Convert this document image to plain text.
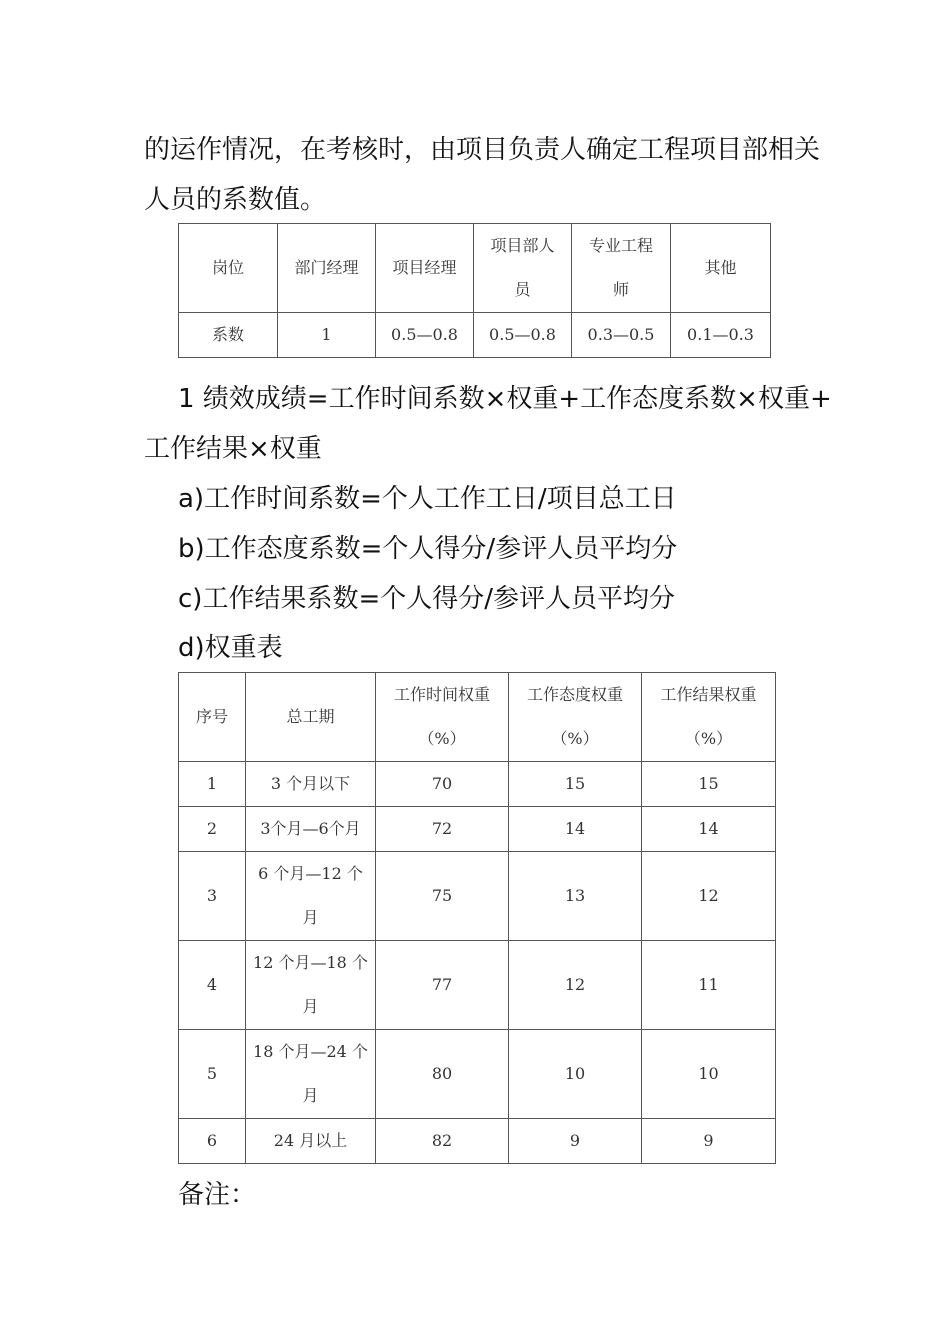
的运作情况，在考核时，由项目负责人确定工程项目部相关

人员的系数值。

岗位	部门经理	项目经理	项目部人员	专业工程师	其他
系数	1	0.5—0.8	0.5—0.8	0.3—0.5	0.1—0.3

1 绩效成绩=工作时间系数×权重+工作态度系数×权重+

工作结果×权重

a)工作时间系数=个人工作工日/项目总工日

b)工作态度系数=个人得分/参评人员平均分

c)工作结果系数=个人得分/参评人员平均分

d)权重表

序号	总工期	工作时间权重（%）	工作态度权重（%）	工作结果权重（%）
1	3 个月以下	70	15	15
2	3个月—6个月	72	14	14
3	6 个月—12 个月	75	13	12
4	12 个月—18 个月	77	12	11
5	18 个月—24 个月	80	10	10
6	24 月以上	82	9	9

备注：
